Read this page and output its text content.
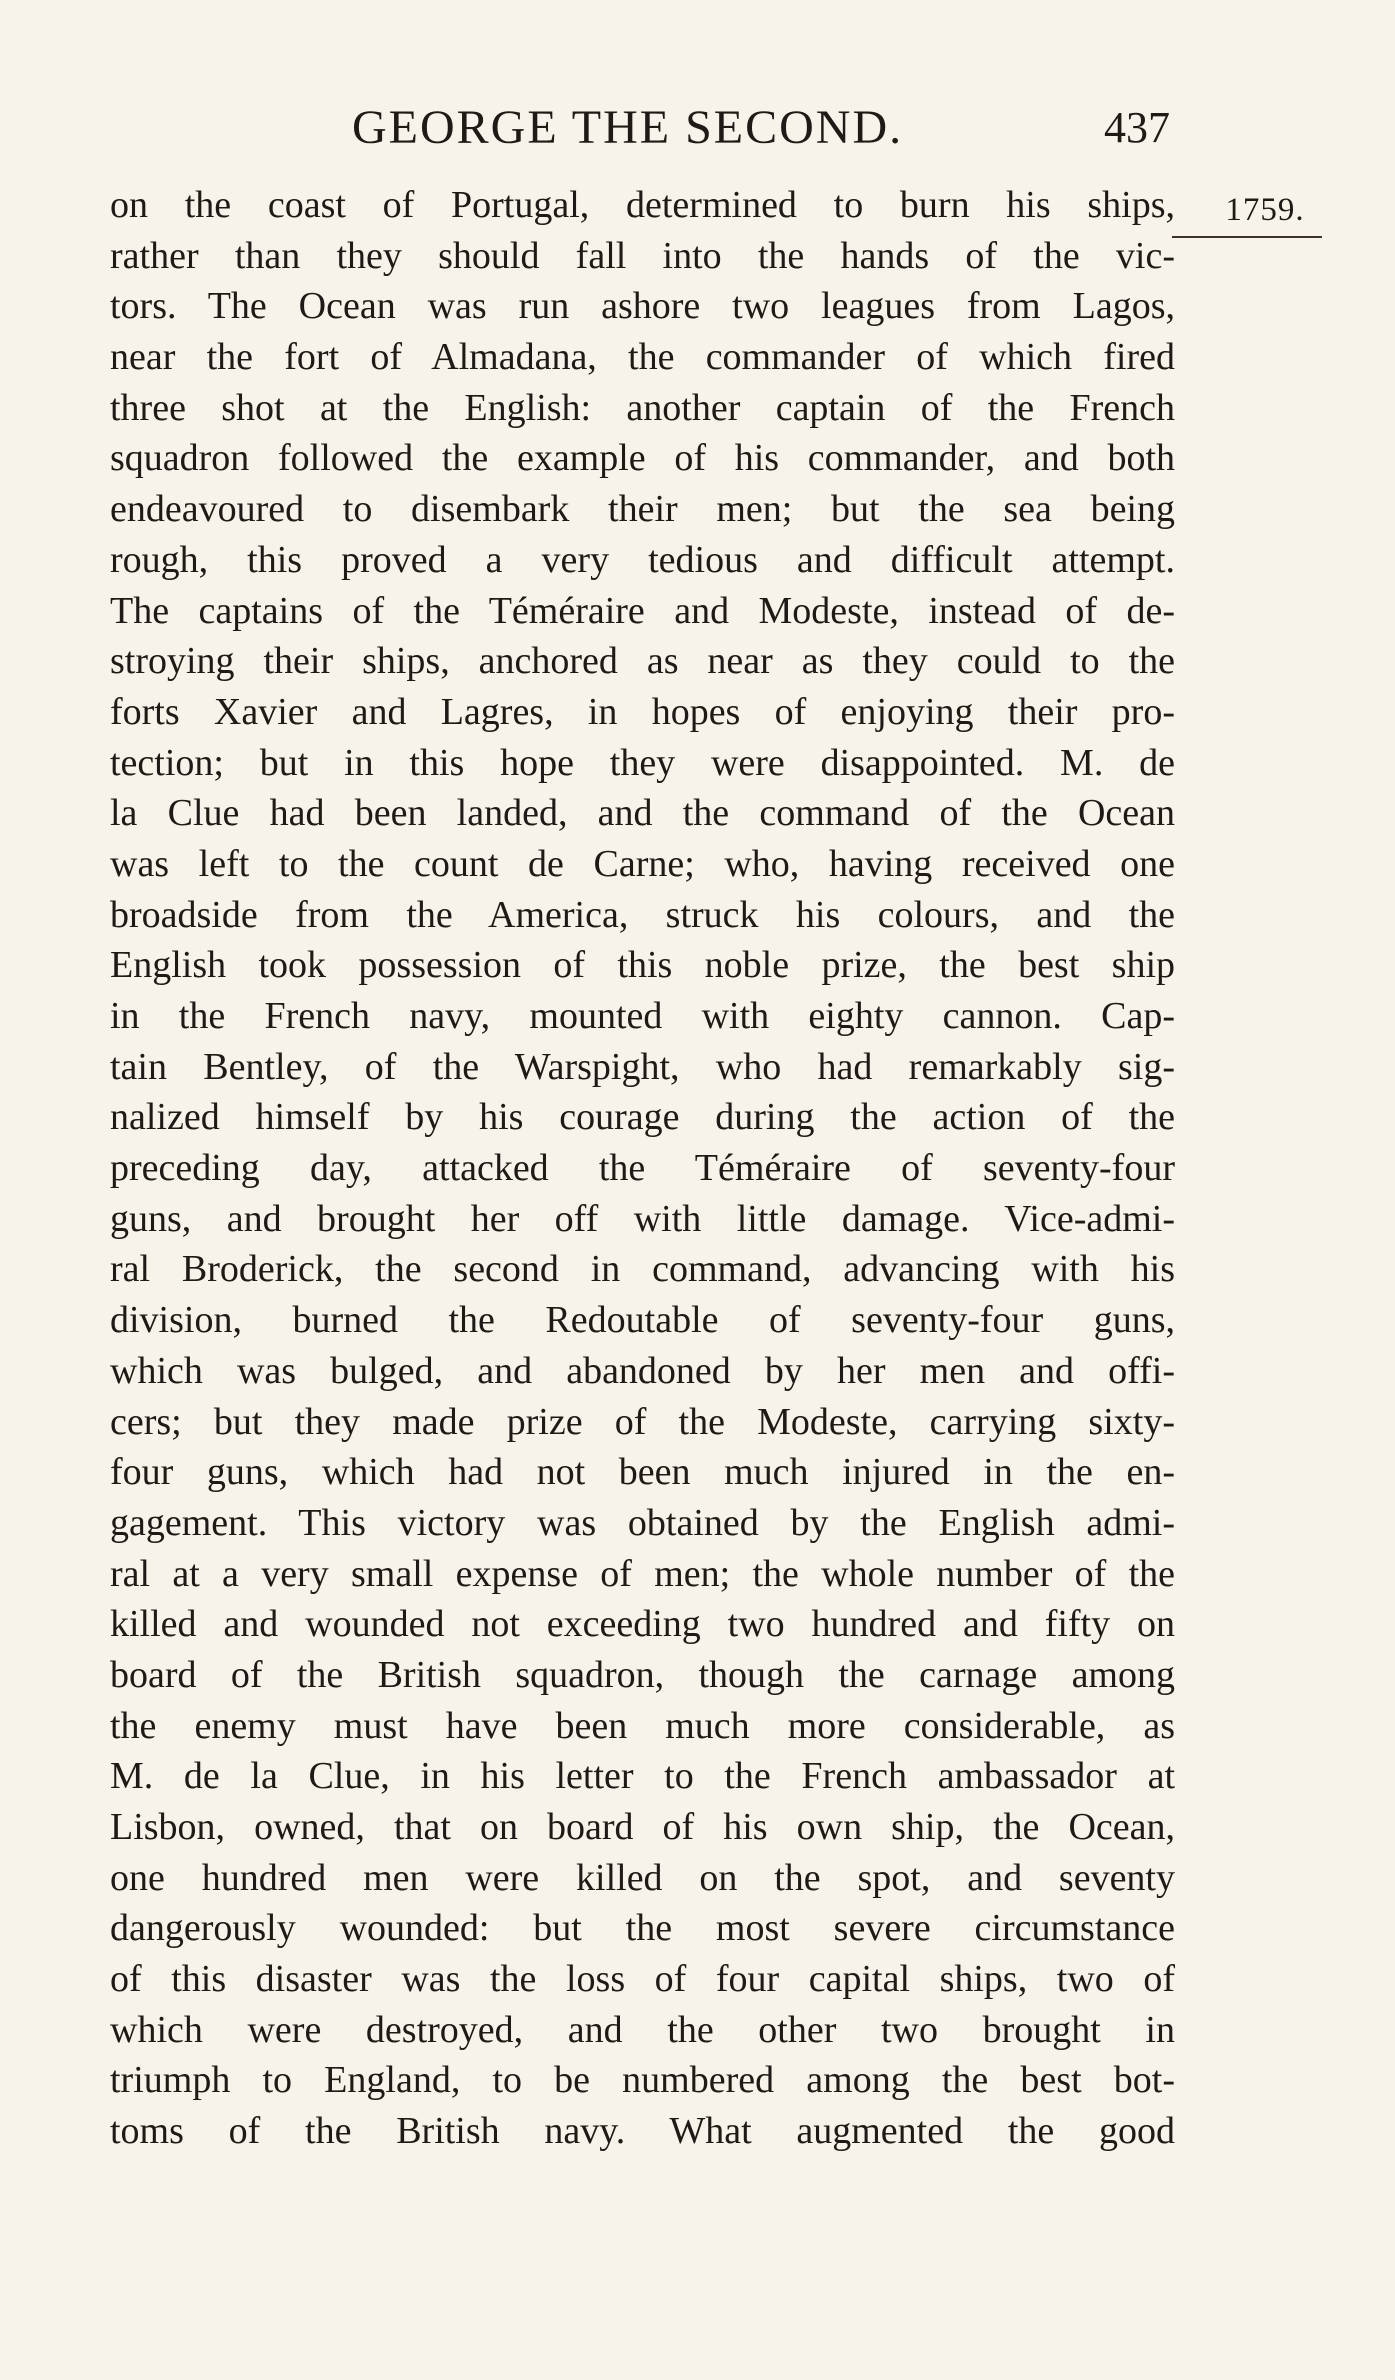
GEORGE THE SECOND.	437
1759.
on the coast of Portugal, determined to burn his ships,
rather than they should fall into the hands of the vic-
tors. The Ocean was run ashore two leagues from Lagos,
near the fort of Almadana, the commander of which fired
three shot at the English: another captain of the French
squadron followed the example of his commander, and both
endeavoured to disembark their men; but the sea being
rough, this proved a very tedious and difficult attempt.
The captains of the Téméraire and Modeste, instead of de-
stroying their ships, anchored as near as they could to the
forts Xavier and Lagres, in hopes of enjoying their pro-
tection; but in this hope they were disappointed. M. de
la Clue had been landed, and the command of the Ocean
was left to the count de Carne; who, having received one
broadside from the America, struck his colours, and the
English took possession of this noble prize, the best ship
in the French navy, mounted with eighty cannon. Cap-
tain Bentley, of the Warspight, who had remarkably sig-
nalized himself by his courage during the action of the
preceding day, attacked the Téméraire of seventy-four
guns, and brought her off with little damage. Vice-admi-
ral Broderick, the second in command, advancing with his
division, burned the Redoutable of seventy-four guns,
which was bulged, and abandoned by her men and offi-
cers; but they made prize of the Modeste, carrying sixty-
four guns, which had not been much injured in the en-
gagement. This victory was obtained by the English admi-
ral at a very small expense of men; the whole number of the
killed and wounded not exceeding two hundred and fifty on
board of the British squadron, though the carnage among
the enemy must have been much more considerable, as
M. de la Clue, in his letter to the French ambassador at
Lisbon, owned, that on board of his own ship, the Ocean,
one hundred men were killed on the spot, and seventy
dangerously wounded: but the most severe circumstance
of this disaster was the loss of four capital ships, two of
which were destroyed, and the other two brought in
triumph to England, to be numbered among the best bot-
toms of the British navy. What augmented the good
